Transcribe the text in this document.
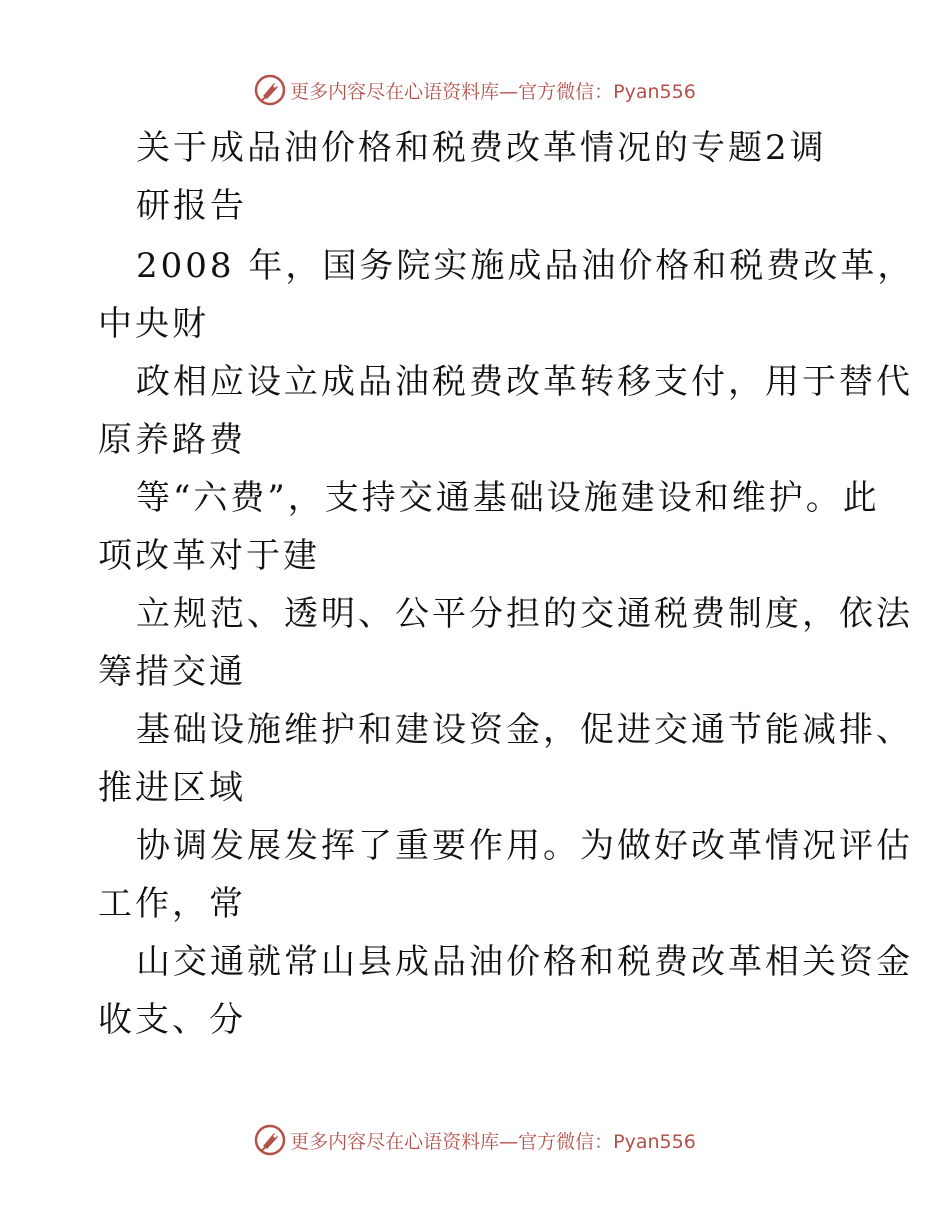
更多内容尽在心语资料库—官方微信：Pyan556
关于成品油价格和税费改革情况的专题2调
研报告
2008 年，国务院实施成品油价格和税费改革，
中央财
政相应设立成品油税费改革转移支付，用于替代
原养路费
等“六费”，支持交通基础设施建设和维护。此
项改革对于建
立规范、透明、公平分担的交通税费制度，依法
筹措交通
基础设施维护和建设资金，促进交通节能减排、
推进区域
协调发展发挥了重要作用。为做好改革情况评估
工作，常
山交通就常山县成品油价格和税费改革相关资金
收支、分
更多内容尽在心语资料库—官方微信：Pyan556
